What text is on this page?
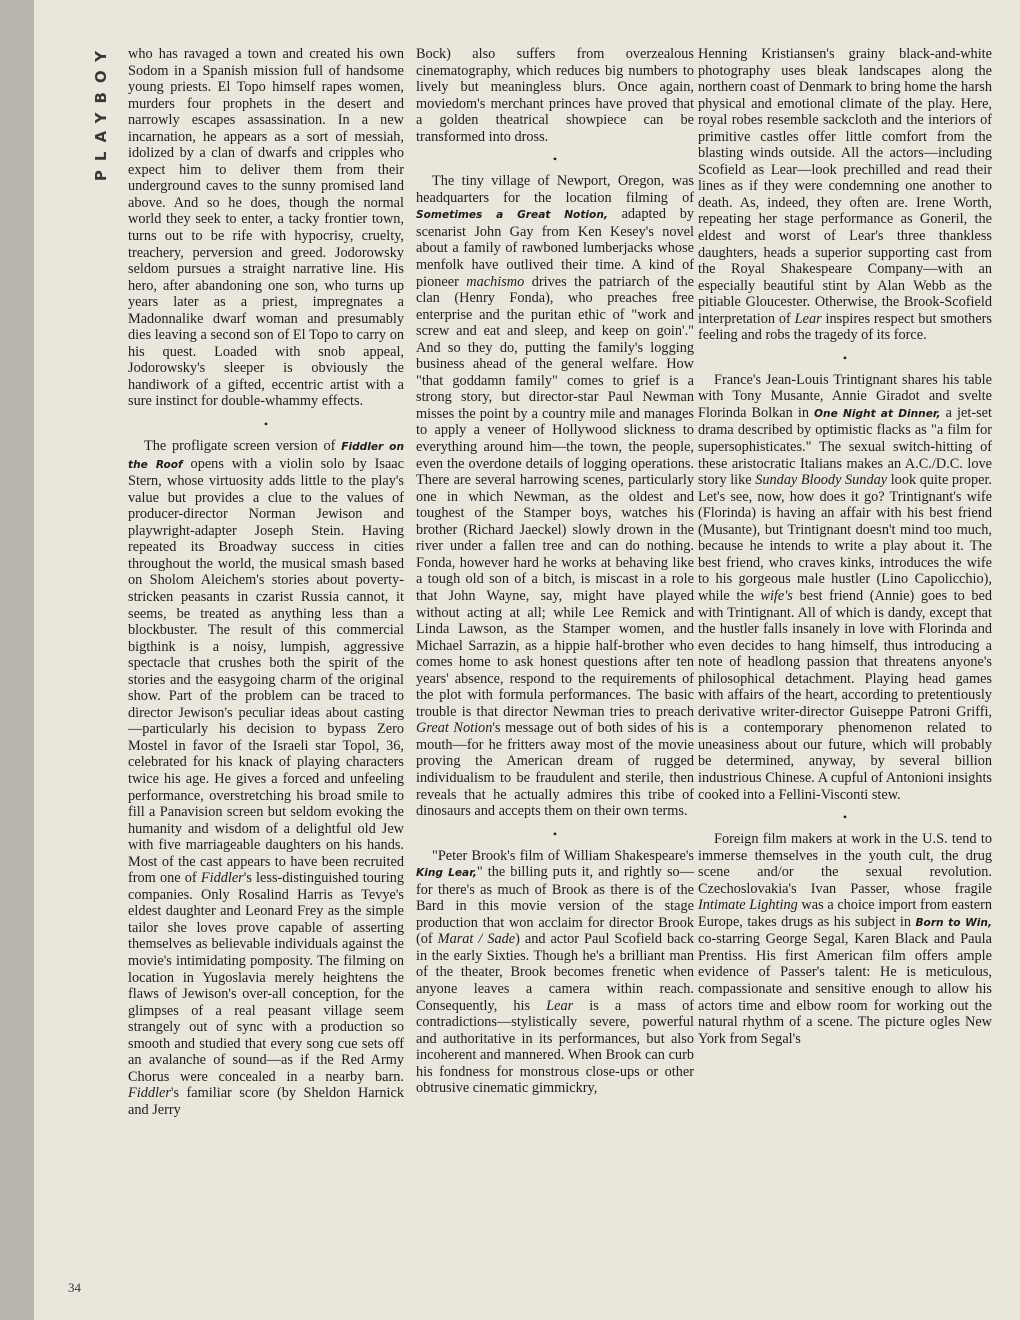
PLAYBOY
34

who has ravaged a town and created his own Sodom in a Spanish mission full of handsome young priests. El Topo himself rapes women, murders four prophets in the desert and narrowly escapes assassination. In a new incarnation, he appears as a sort of messiah, idolized by a clan of dwarfs and cripples who expect him to deliver them from their underground caves to the sunny promised land above. And so he does, though the normal world they seek to enter, a tacky frontier town, turns out to be rife with hypocrisy, cruelty, treachery, perversion and greed. Jodorowsky seldom pursues a straight narrative line. His hero, after abandoning one son, who turns up years later as a priest, impregnates a Madonnalike dwarf woman and presumably dies leaving a second son of El Topo to carry on his quest. Loaded with snob appeal, Jodorowsky's sleeper is obviously the handiwork of a gifted, eccentric artist with a sure instinct for double-whammy effects.

•

The profligate screen version of Fiddler on the Roof opens with a violin solo by Isaac Stern, whose virtuosity adds little to the play's value but provides a clue to the values of producer-director Norman Jewison and playwright-adapter Joseph Stein. Having repeated its Broadway success in cities throughout the world, the musical smash based on Sholom Aleichem's stories about poverty-stricken peasants in czarist Russia cannot, it seems, be treated as anything less than a blockbuster. The result of this commercial bigthink is a noisy, lumpish, aggressive spectacle that crushes both the spirit of the stories and the easygoing charm of the original show. Part of the problem can be traced to director Jewison's peculiar ideas about casting—particularly his decision to bypass Zero Mostel in favor of the Israeli star Topol, 36, celebrated for his knack of playing characters twice his age. He gives a forced and unfeeling performance, overstretching his broad smile to fill a Panavision screen but seldom evoking the humanity and wisdom of a delightful old Jew with five marriageable daughters on his hands. Most of the cast appears to have been recruited from one of Fiddler's less-distinguished touring companies. Only Rosalind Harris as Tevye's eldest daughter and Leonard Frey as the simple tailor she loves prove capable of asserting themselves as believable individuals against the movie's intimidating pomposity. The filming on location in Yugoslavia merely heightens the flaws of Jewison's over-all conception, for the glimpses of a real peasant village seem strangely out of sync with a production so smooth and studied that every song cue sets off an avalanche of sound—as if the Red Army Chorus were concealed in a nearby barn. Fiddler's familiar score (by Sheldon Harnick and Jerry

Bock) also suffers from overzealous cinematography, which reduces big numbers to lively but meaningless blurs. Once again, moviedom's merchant princes have proved that a golden theatrical showpiece can be transformed into dross.

•

The tiny village of Newport, Oregon, was headquarters for the location filming of Sometimes a Great Notion, adapted by scenarist John Gay from Ken Kesey's novel about a family of rawboned lumberjacks whose menfolk have outlived their time. A kind of pioneer machismo drives the patriarch of the clan (Henry Fonda), who preaches free enterprise and the puritan ethic of "work and screw and eat and sleep, and keep on goin'." And so they do, putting the family's logging business ahead of the general welfare. How "that goddamn family" comes to grief is a strong story, but director-star Paul Newman misses the point by a country mile and manages to apply a veneer of Hollywood slickness to everything around him—the town, the people, even the overdone details of logging operations. There are several harrowing scenes, particularly one in which Newman, as the oldest and toughest of the Stamper boys, watches his brother (Richard Jaeckel) slowly drown in the river under a fallen tree and can do nothing. Fonda, however hard he works at behaving like a tough old son of a bitch, is miscast in a role that John Wayne, say, might have played without acting at all; while Lee Remick and Linda Lawson, as the Stamper women, and Michael Sarrazin, as a hippie half-brother who comes home to ask honest questions after ten years' absence, respond to the requirements of the plot with formula performances. The basic trouble is that director Newman tries to preach Great Notion's message out of both sides of his mouth—for he fritters away most of the movie proving the American dream of rugged individualism to be fraudulent and sterile, then reveals that he actually admires this tribe of dinosaurs and accepts them on their own terms.

•

"Peter Brook's film of William Shakespeare's King Lear," the billing puts it, and rightly so—for there's as much of Brook as there is of the Bard in this movie version of the stage production that won acclaim for director Brook (of Marat / Sade) and actor Paul Scofield back in the early Sixties. Though he's a brilliant man of the theater, Brook becomes frenetic when anyone leaves a camera within reach. Consequently, his Lear is a mass of contradictions—stylistically severe, powerful and authoritative in its performances, but also incoherent and mannered. When Brook can curb his fondness for monstrous close-ups or other obtrusive cinematic gimmickry,

Henning Kristiansen's grainy black-and-white photography uses bleak landscapes along the northern coast of Denmark to bring home the harsh physical and emotional climate of the play. Here, royal robes resemble sackcloth and the interiors of primitive castles offer little comfort from the blasting winds outside. All the actors—including Scofield as Lear—look prechilled and read their lines as if they were condemning one another to death. As, indeed, they often are. Irene Worth, repeating her stage performance as Goneril, the eldest and worst of Lear's three thankless daughters, heads a superior supporting cast from the Royal Shakespeare Company—with an especially beautiful stint by Alan Webb as the pitiable Gloucester. Otherwise, the Brook-Scofield interpretation of Lear inspires respect but smothers feeling and robs the tragedy of its force.

•

France's Jean-Louis Trintignant shares his table with Tony Musante, Annie Giradot and svelte Florinda Bolkan in One Night at Dinner, a jet-set drama described by optimistic flacks as "a film for supersophisticates." The sexual switch-hitting of these aristocratic Italians makes an A.C./D.C. love story like Sunday Bloody Sunday look quite proper. Let's see, now, how does it go? Trintignant's wife (Florinda) is having an affair with his best friend (Musante), but Trintignant doesn't mind too much, because he intends to write a play about it. The best friend, who craves kinks, introduces the wife to his gorgeous male hustler (Lino Capolicchio), while the wife's best friend (Annie) goes to bed with Trintignant. All of which is dandy, except that the hustler falls insanely in love with Florinda and even decides to hang himself, thus introducing a note of headlong passion that threatens anyone's philosophical detachment. Playing head games with affairs of the heart, according to pretentiously derivative writer-director Guiseppe Patroni Griffi, is a contemporary phenomenon related to uneasiness about our future, which will probably be determined, anyway, by several billion industrious Chinese. A cupful of Antonioni insights cooked into a Fellini-Visconti stew.

•

Foreign film makers at work in the U.S. tend to immerse themselves in the youth cult, the drug scene and/or the sexual revolution. Czechoslovakia's Ivan Passer, whose fragile Intimate Lighting was a choice import from eastern Europe, takes drugs as his subject in Born to Win, co-starring George Segal, Karen Black and Paula Prentiss. His first American film offers ample evidence of Passer's talent: He is meticulous, compassionate and sensitive enough to allow his actors time and elbow room for working out the natural rhythm of a scene. The picture ogles New York from Segal's
